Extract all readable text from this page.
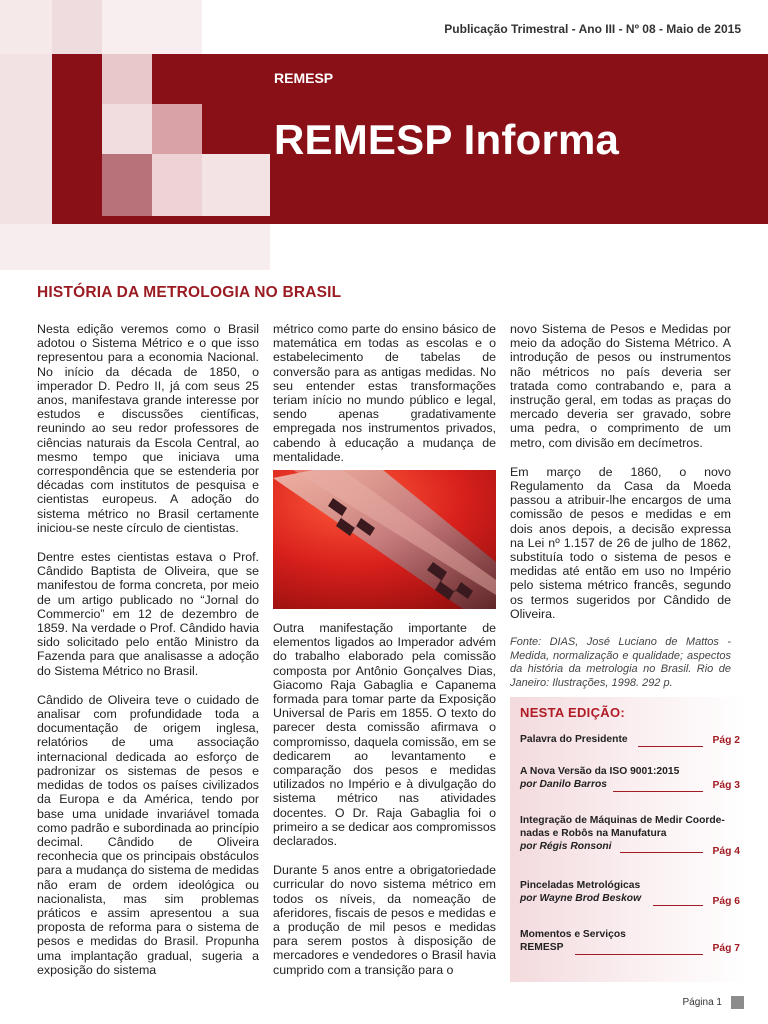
Publicação Trimestral - Ano III - Nº 08 - Maio de 2015
REMESP
REMESP Informa
HISTÓRIA DA METROLOGIA NO BRASIL

Nesta edição veremos como o Brasil adotou o Sistema Métrico e o que isso representou para a economia Nacional. No início da década de 1850, o imperador D. Pedro II, já com seus 25 anos, manifestava grande interesse por estudos e discussões científicas, reunindo ao seu redor professores de ciências naturais da Escola Central, ao mesmo tempo que iniciava uma correspondência que se estenderia por décadas com institutos de pesquisa e cientistas europeus. A adoção do sistema métrico no Brasil certamente iniciou-se neste círculo de cientistas.

Dentre estes cientistas estava o Prof. Cândido Baptista de Oliveira, que se manifestou de forma concreta, por meio de um artigo publicado no “Jornal do Commercio” em 12 de dezembro de 1859. Na verdade o Prof. Cândido havia sido solicitado pelo então Ministro da Fazenda para que analisasse a adoção do Sistema Métrico no Brasil.

Cândido de Oliveira teve o cuidado de analisar com profundidade toda a documentação de origem inglesa, relatórios de uma associação internacional dedicada ao esforço de padronizar os sistemas de pesos e medidas de todos os países civilizados da Europa e da América, tendo por base uma unidade invariável tomada como padrão e subordinada ao princípio decimal. Cândido de Oliveira reconhecia que os principais obstáculos para a mudança do sistema de medidas não eram de ordem ideológica ou nacionalista, mas sim problemas práticos e assim apresentou a sua proposta de reforma para o sistema de pesos e medidas do Brasil. Propunha uma implantação gradual, sugeria a exposição do sistema

métrico como parte do ensino básico de matemática em todas as escolas e o estabelecimento de tabelas de conversão para as antigas medidas. No seu entender estas transformações teriam início no mundo público e legal, sendo apenas gradativamente empregada nos instrumentos privados, cabendo à educação a mudança de mentalidade.

Outra manifestação importante de elementos ligados ao Imperador advém do trabalho elaborado pela comissão composta por Antônio Gonçalves Dias, Giacomo Raja Gabaglia e Capanema formada para tomar parte da Exposição Universal de Paris em 1855. O texto do parecer desta comissão afirmava o compromisso, daquela comissão, em se dedicarem ao levantamento e comparação dos pesos e medidas utilizados no Império e à divulgação do sistema métrico nas atividades docentes. O Dr. Raja Gabaglia foi o primeiro a se dedicar aos compromissos declarados.

Durante 5 anos entre a obrigatoriedade curricular do novo sistema métrico em todos os níveis, da nomeação de aferidores, fiscais de pesos e medidas e a produção de mil pesos e medidas para serem postos à disposição de mercadores e vendedores o Brasil havia cumprido com a transição para o

novo Sistema de Pesos e Medidas por meio da adoção do Sistema Métrico. A introdução de pesos ou instrumentos não métricos no país deveria ser tratada como contrabando e, para a instrução geral, em todas as praças do mercado deveria ser gravado, sobre uma pedra, o comprimento de um metro, com divisão em decímetros.

Em março de 1860, o novo Regulamento da Casa da Moeda passou a atribuir-lhe encargos de uma comissão de pesos e medidas e em dois anos depois, a decisão expressa na Lei nº 1.157 de 26 de julho de 1862, substituía todo o sistema de pesos e medidas até então em uso no Império pelo sistema métrico francês, segundo os termos sugeridos por Cândido de Oliveira.

Fonte: DIAS, José Luciano de Mattos - Medida, normalização e qualidade; aspectos da história da metrologia no Brasil. Rio de Janeiro: Ilustrações, 1998. 292 p.

NESTA EDIÇÃO:
Palavra do Presidente	Pág 2
A Nova Versão da ISO 9001:2015
por Danilo Barros	Pág 3
Integração de Máquinas de Medir Coorde-
nadas e Robôs na Manufatura
por Régis Ronsoni	Pág 4
Pinceladas Metrológicas
por Wayne Brod Beskow	Pág 6
Momentos e Serviços
REMESP	Pág 7
Página 1
